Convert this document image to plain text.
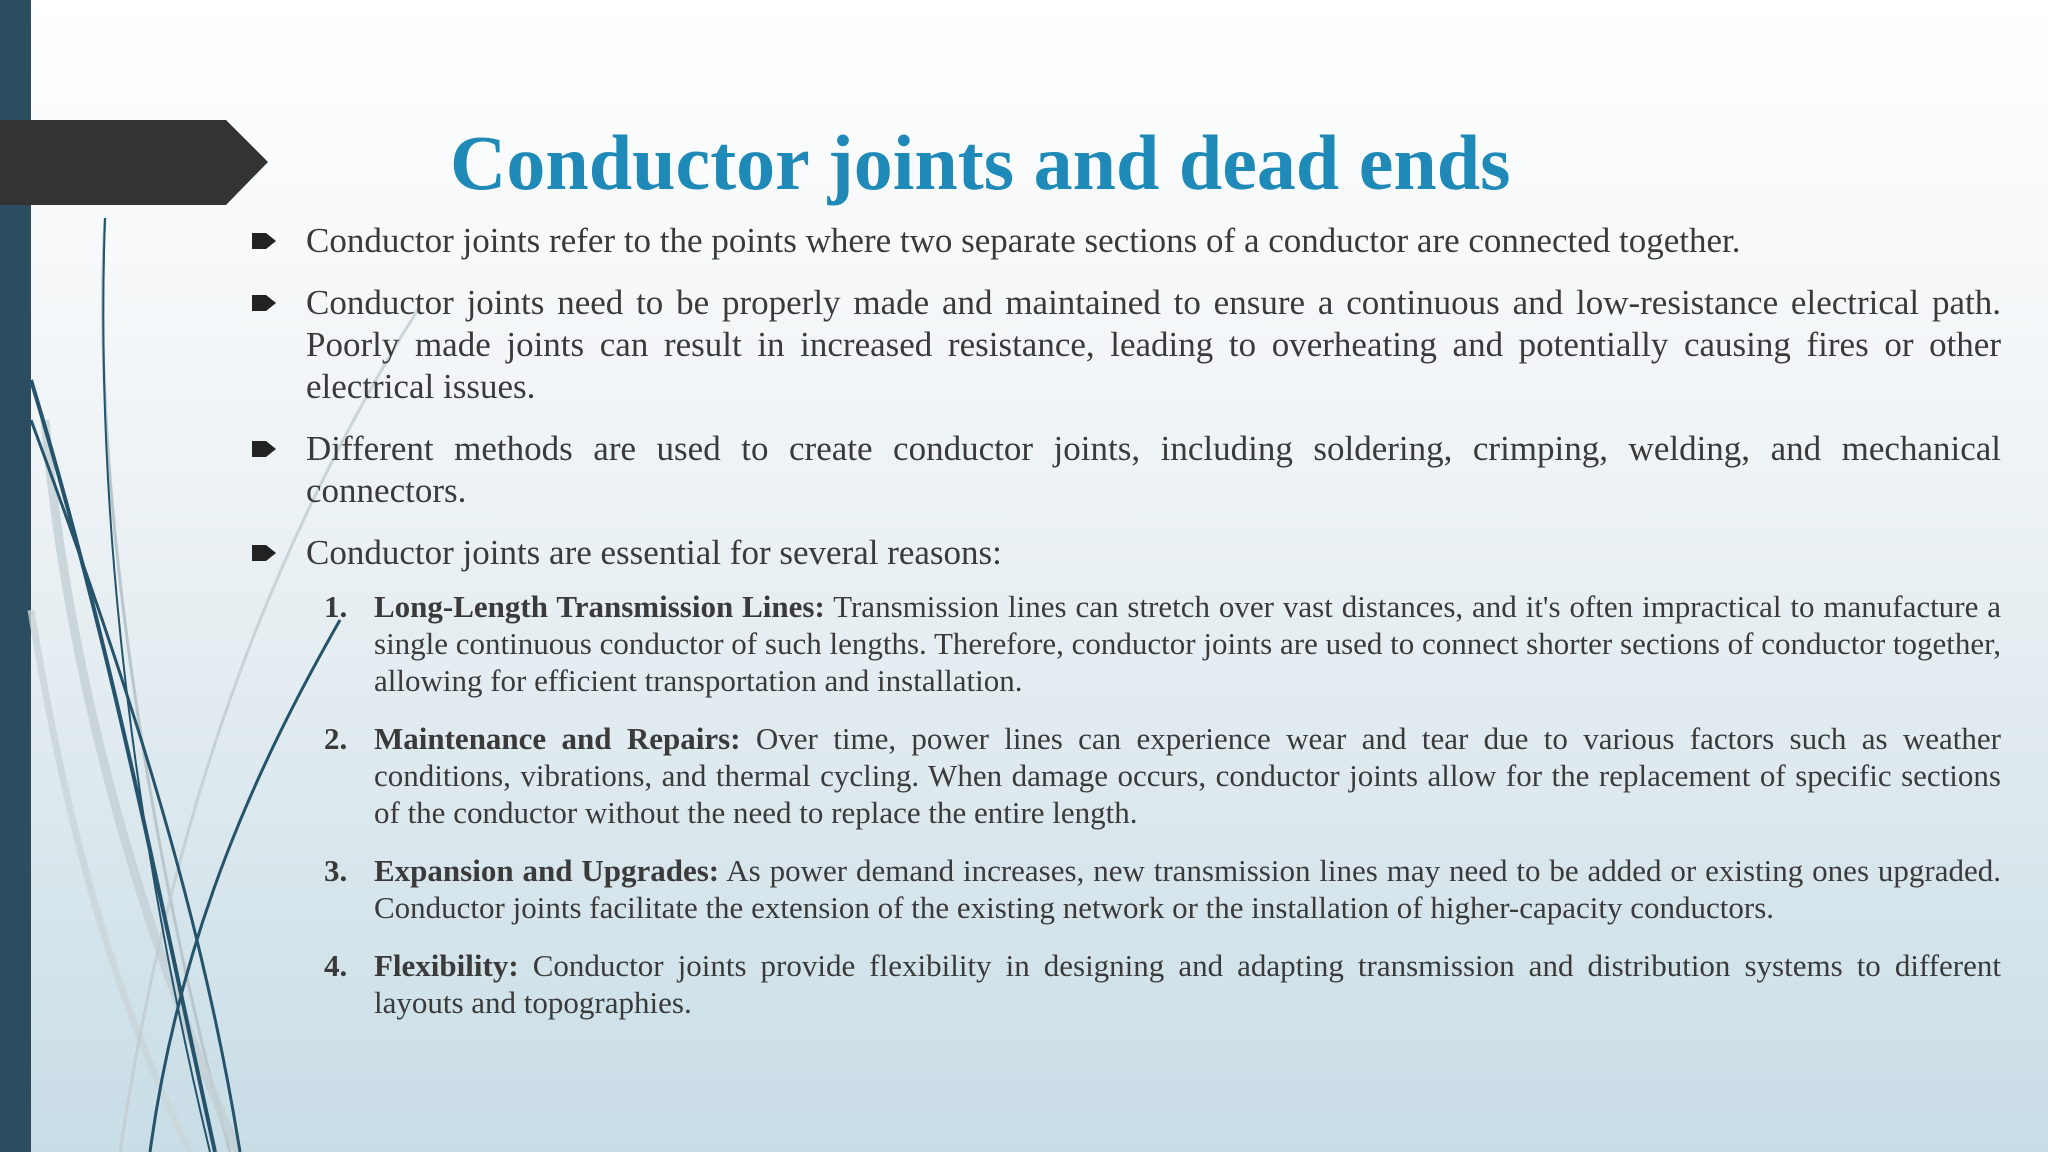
Conductor joints and dead ends
Conductor joints refer to the points where two separate sections of a conductor are connected together.
Conductor joints need to be properly made and maintained to ensure a continuous and low-resistance electrical path. Poorly made joints can result in increased resistance, leading to overheating and potentially causing fires or other electrical issues.
Different methods are used to create conductor joints, including soldering, crimping, welding, and mechanical connectors.
Conductor joints are essential for several reasons:
1. Long-Length Transmission Lines: Transmission lines can stretch over vast distances, and it's often impractical to manufacture a single continuous conductor of such lengths. Therefore, conductor joints are used to connect shorter sections of conductor together, allowing for efficient transportation and installation.
2. Maintenance and Repairs: Over time, power lines can experience wear and tear due to various factors such as weather conditions, vibrations, and thermal cycling. When damage occurs, conductor joints allow for the replacement of specific sections of the conductor without the need to replace the entire length.
3. Expansion and Upgrades: As power demand increases, new transmission lines may need to be added or existing ones upgraded. Conductor joints facilitate the extension of the existing network or the installation of higher-capacity conductors.
4. Flexibility: Conductor joints provide flexibility in designing and adapting transmission and distribution systems to different layouts and topographies.
